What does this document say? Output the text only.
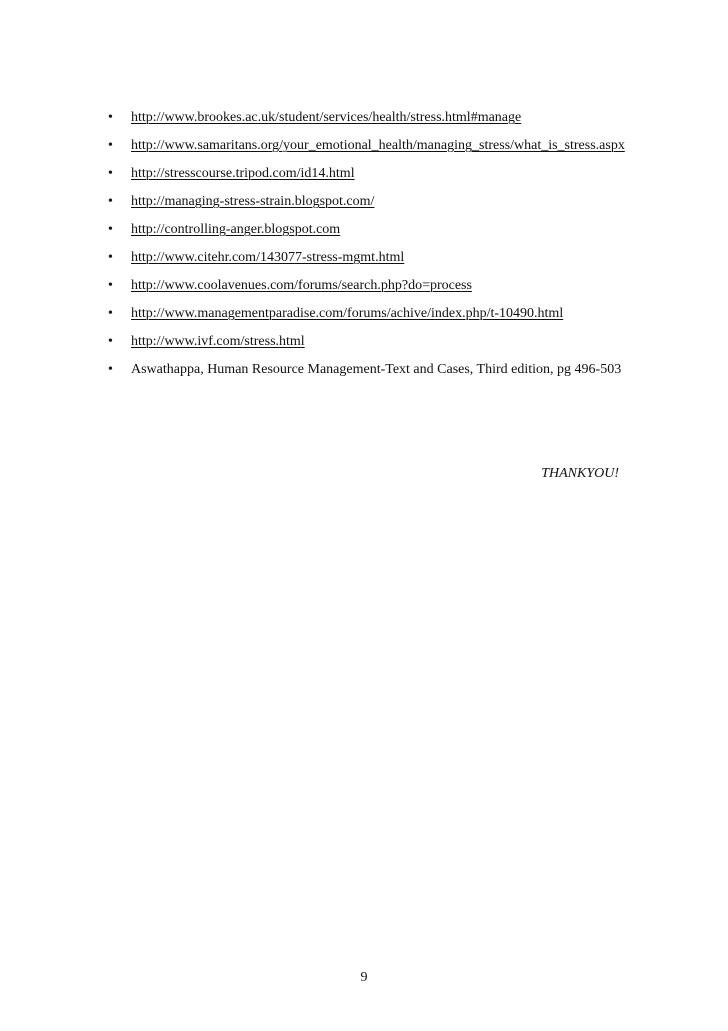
• http://www.brookes.ac.uk/student/services/health/stress.html#manage
• http://www.samaritans.org/your_emotional_health/managing_stress/what_is_stress.aspx
• http://stresscourse.tripod.com/id14.html
• http://managing-stress-strain.blogspot.com/
• http://controlling-anger.blogspot.com
• http://www.citehr.com/143077-stress-mgmt.html
• http://www.coolavenues.com/forums/search.php?do=process
• http://www.managementparadise.com/forums/achive/index.php/t-10490.html
• http://www.ivf.com/stress.html
• Aswathappa, Human Resource Management-Text and Cases, Third edition, pg 496-503
THANKYOU!
9
